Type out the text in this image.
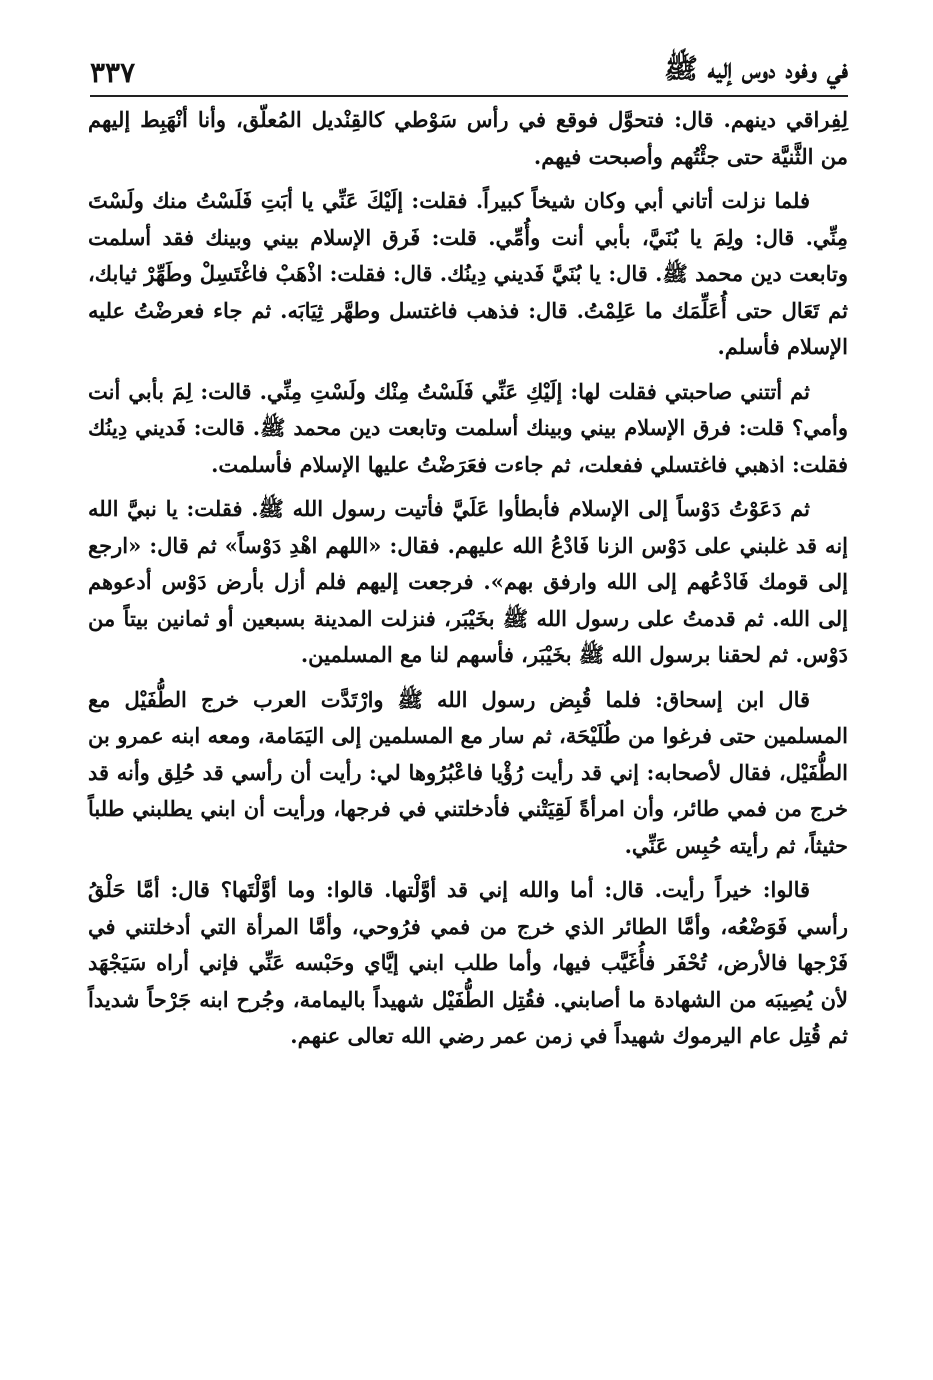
في وفود دوس إليه ﷺ
٣٣٧

لِفِراقي دينهم. قال: فتحوَّل فوقع في رأس سَوْطي كالقِنْديل المُعلّق، وأنا أنْهَبِط إليهم من الثَّنيَّة حتى جئْتُهم وأصبحت فيهم.

فلما نزلت أتاني أبي وكان شيخاً كبيراً. فقلت: إلَيْكَ عَنِّي يا أبَتِ فَلَسْتُ منك ولَسْتَ مِنِّي. قال: ولِمَ يا بُنَيَّ، بأبي أنت وأُمِّي. قلت: فَرق الإسلام بيني وبينك فقد أسلمت وتابعت دين محمد ﷺ. قال: يا بُنَيَّ فَديني دِينُك. قال: فقلت: اذْهَبْ فاغْتَسِلْ وطَهِّرْ ثيابك، ثم تَعَال حتى أُعَلِّمَك ما عَلِمْتُ. قال: فذهب فاغتسل وطهَّر ثِيَابَه. ثم جاء فعرضْتُ عليه الإسلام فأسلم.

ثم أتتني صاحبتي فقلت لها: إلَيْكِ عَنِّي فَلَسْتُ مِنْك ولَسْتِ مِنِّي. قالت: لِمَ بأبي أنت وأمي؟ قلت: فرق الإسلام بيني وبينك أسلمت وتابعت دين محمد ﷺ. قالت: فَديني دِينُك فقلت: اذهبي فاغتسلي ففعلت، ثم جاءت فعَرَضْتُ عليها الإسلام فأسلمت.

ثم دَعَوْتُ دَوْساً إلى الإسلام فأبطأوا عَلَيَّ فأتيت رسول الله ﷺ. فقلت: يا نبيَّ الله إنه قد غلبني على دَوْس الزنا فَادْعُ الله عليهم. فقال: «اللهم اهْدِ دَوْساً» ثم قال: «ارجع إلى قومك فَادْعُهم إلى الله وارفق بهم». فرجعت إليهم فلم أزل بأرض دَوْس أدعوهم إلى الله. ثم قدمتُ على رسول الله ﷺ بخَيْبَر، فنزلت المدينة بسبعين أو ثمانين بيتاً من دَوْس. ثم لحقنا برسول الله ﷺ بخَيْبَر، فأسهم لنا مع المسلمين.

قال ابن إسحاق: فلما قُبِض رسول الله ﷺ وارْتَدَّت العرب خرج الطُّفَيْل مع المسلمين حتى فرغوا من طُلَيْحَة، ثم سار مع المسلمين إلى اليَمَامة، ومعه ابنه عمرو بن الطُّفَيْل، فقال لأصحابه: إني قد رأيت رُؤْيا فاعْبُرُوها لي: رأيت أن رأسي قد حُلِق وأنه قد خرج من فمي طائر، وأن امرأةً لَقِيَتْني فأدخلتني في فرجها، ورأيت أن ابني يطلبني طلباً حثيثاً، ثم رأيته حُبِس عَنِّي.

قالوا: خيراً رأيت. قال: أما والله إني قد أوَّلْتها. قالوا: وما أوَّلْتَها؟ قال: أمَّا حَلْقُ رأسي فَوَضْعُه، وأمَّا الطائر الذي خرج من فمي فرُوحي، وأمَّا المرأة التي أدخلتني في فَرْجها فالأرض، تُحْفَر فأُغَيَّب فيها، وأما طلب ابني إيَّاي وحَبْسه عَنِّي فإني أراه سَيَجْهَد لأن يُصِيبَه من الشهادة ما أصابني. فقُتِل الطُّفَيْل شهيداً باليمامة، وجُرح ابنه جَرْحاً شديداً ثم قُتِل عام اليرموك شهيداً في زمن عمر رضي الله تعالى عنهم.
